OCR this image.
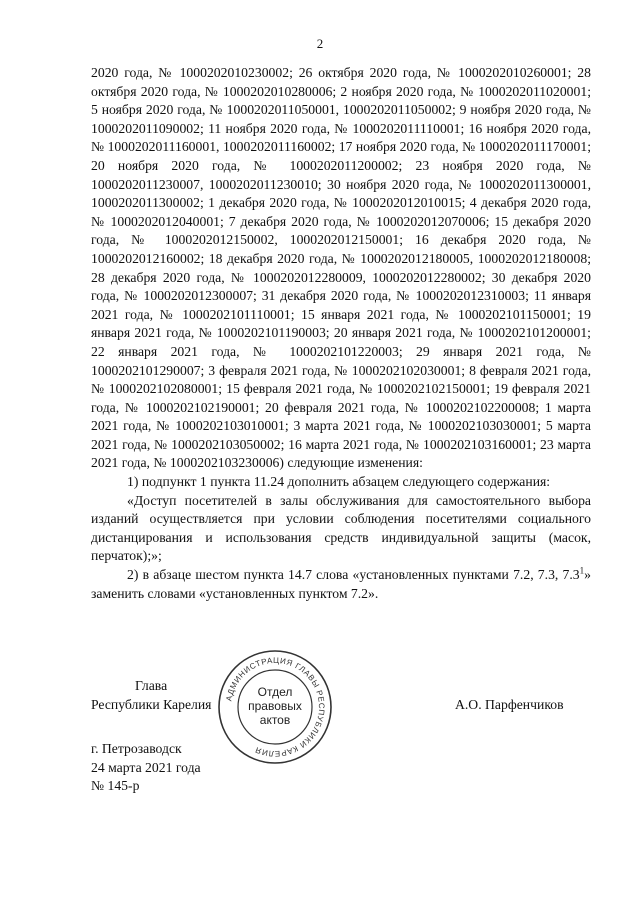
2

2020 года, № 1000202010230002; 26 октября 2020 года, № 1000202010260001; 28 октября 2020 года, № 1000202010280006; 2 ноября 2020 года, № 1000202011020001; 5 ноября 2020 года, № 1000202011050001, 1000202011050002; 9 ноября 2020 года, № 1000202011090002; 11 ноября 2020 года, № 1000202011110001; 16 ноября 2020 года, № 1000202011160001, 1000202011160002; 17 ноября 2020 года, № 1000202011170001; 20 ноября 2020 года, № 1000202011200002; 23 ноября 2020 года, № 1000202011230007, 1000202011230010; 30 ноября 2020 года, № 1000202011300001, 1000202011300002; 1 декабря 2020 года, № 1000202012010015; 4 декабря 2020 года, № 1000202012040001; 7 декабря 2020 года, № 1000202012070006; 15 декабря 2020 года, № 1000202012150002, 1000202012150001; 16 декабря 2020 года, № 1000202012160002; 18 декабря 2020 года, № 1000202012180005, 1000202012180008; 28 декабря 2020 года, № 1000202012280009, 1000202012280002; 30 декабря 2020 года, № 1000202012300007; 31 декабря 2020 года, № 1000202012310003; 11 января 2021 года, № 1000202101110001; 15 января 2021 года, № 1000202101150001; 19 января 2021 года, № 1000202101190003; 20 января 2021 года, № 1000202101200001; 22 января 2021 года, № 1000202101220003; 29 января 2021 года, № 1000202101290007; 3 февраля 2021 года, № 1000202102030001; 8 февраля 2021 года, № 1000202102080001; 15 февраля 2021 года, № 1000202102150001; 19 февраля 2021 года, № 1000202102190001; 20 февраля 2021 года, № 1000202102200008; 1 марта 2021 года, № 1000202103010001; 3 марта 2021 года, № 1000202103030001; 5 марта 2021 года, № 1000202103050002; 16 марта 2021 года, № 1000202103160001; 23 марта 2021 года, № 1000202103230006) следующие изменения:

1) подпункт 1 пункта 11.24 дополнить абзацем следующего содержания:

«Доступ посетителей в залы обслуживания для самостоятельного выбора изданий осуществляется при условии соблюдения посетителями социального дистанцирования и использования средств индивидуальной защиты (масок, перчаток);»;

2) в абзаце шестом пункта 14.7 слова «установленных пунктами 7.2, 7.3, $7.3^1$» заменить словами «установленных пунктом 7.2».

Глава
Республики Карелия	А.О. Парфенчиков
АДМИНИСТРАЦИЯ ГЛАВЫ РЕСПУБЛИКИ КАРЕЛИЯ
Отдел
правовых
актов
г. Петрозаводск
24 марта 2021 года
№ 145-р
